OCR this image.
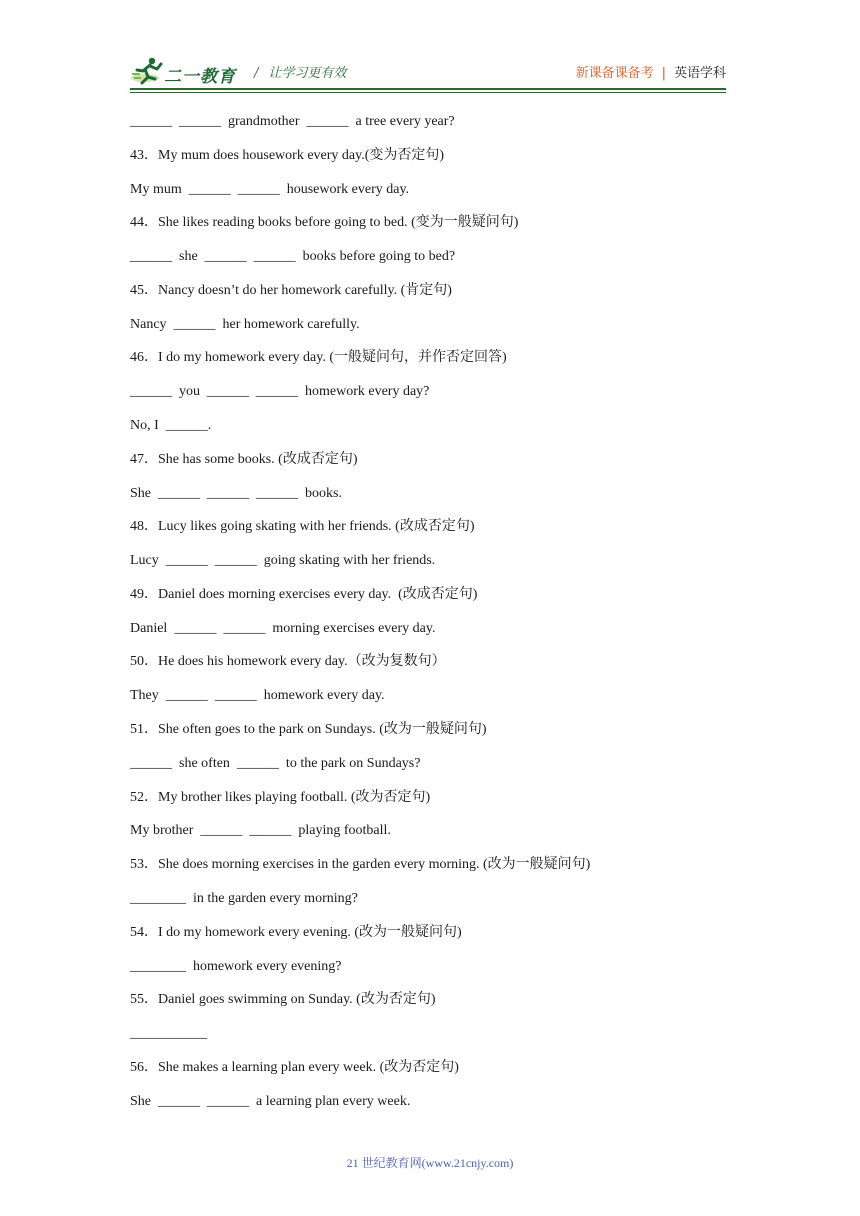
二一教育 / 让学习更有效	新课备课备考 | 英语学科
______  ______  grandmother  ______  a tree every year?
43．My mum does housework every day.(变为否定句)
My mum  ______  ______  housework every day.
44．She likes reading books before going to bed. (变为一般疑问句)
______  she  ______  ______  books before going to bed?
45．Nancy doesn’t do her homework carefully. (肯定句)
Nancy  ______  her homework carefully.
46．I do my homework every day. (一般疑问句，并作否定回答)
______  you  ______  ______  homework every day?
No, I  ______.
47．She has some books. (改成否定句)
She  ______  ______  ______  books.
48．Lucy likes going skating with her friends. (改成否定句)
Lucy  ______  ______  going skating with her friends.
49．Daniel does morning exercises every day.  (改成否定句)
Daniel  ______  ______  morning exercises every day.
50．He does his homework every day.（改为复数句）
They  ______  ______  homework every day.
51．She often goes to the park on Sundays. (改为一般疑问句)
______  she often  ______  to the park on Sundays?
52．My brother likes playing football. (改为否定句)
My brother  ______  ______  playing football.
53．She does morning exercises in the garden every morning. (改为一般疑问句)
________  in the garden every morning?
54．I do my homework every evening. (改为一般疑问句)
________  homework every evening?
55．Daniel goes swimming on Sunday. (改为否定句)
___________
56．She makes a learning plan every week. (改为否定句)
She  ______  ______  a learning plan every week.
21 世纪教育网(www.21cnjy.com)
